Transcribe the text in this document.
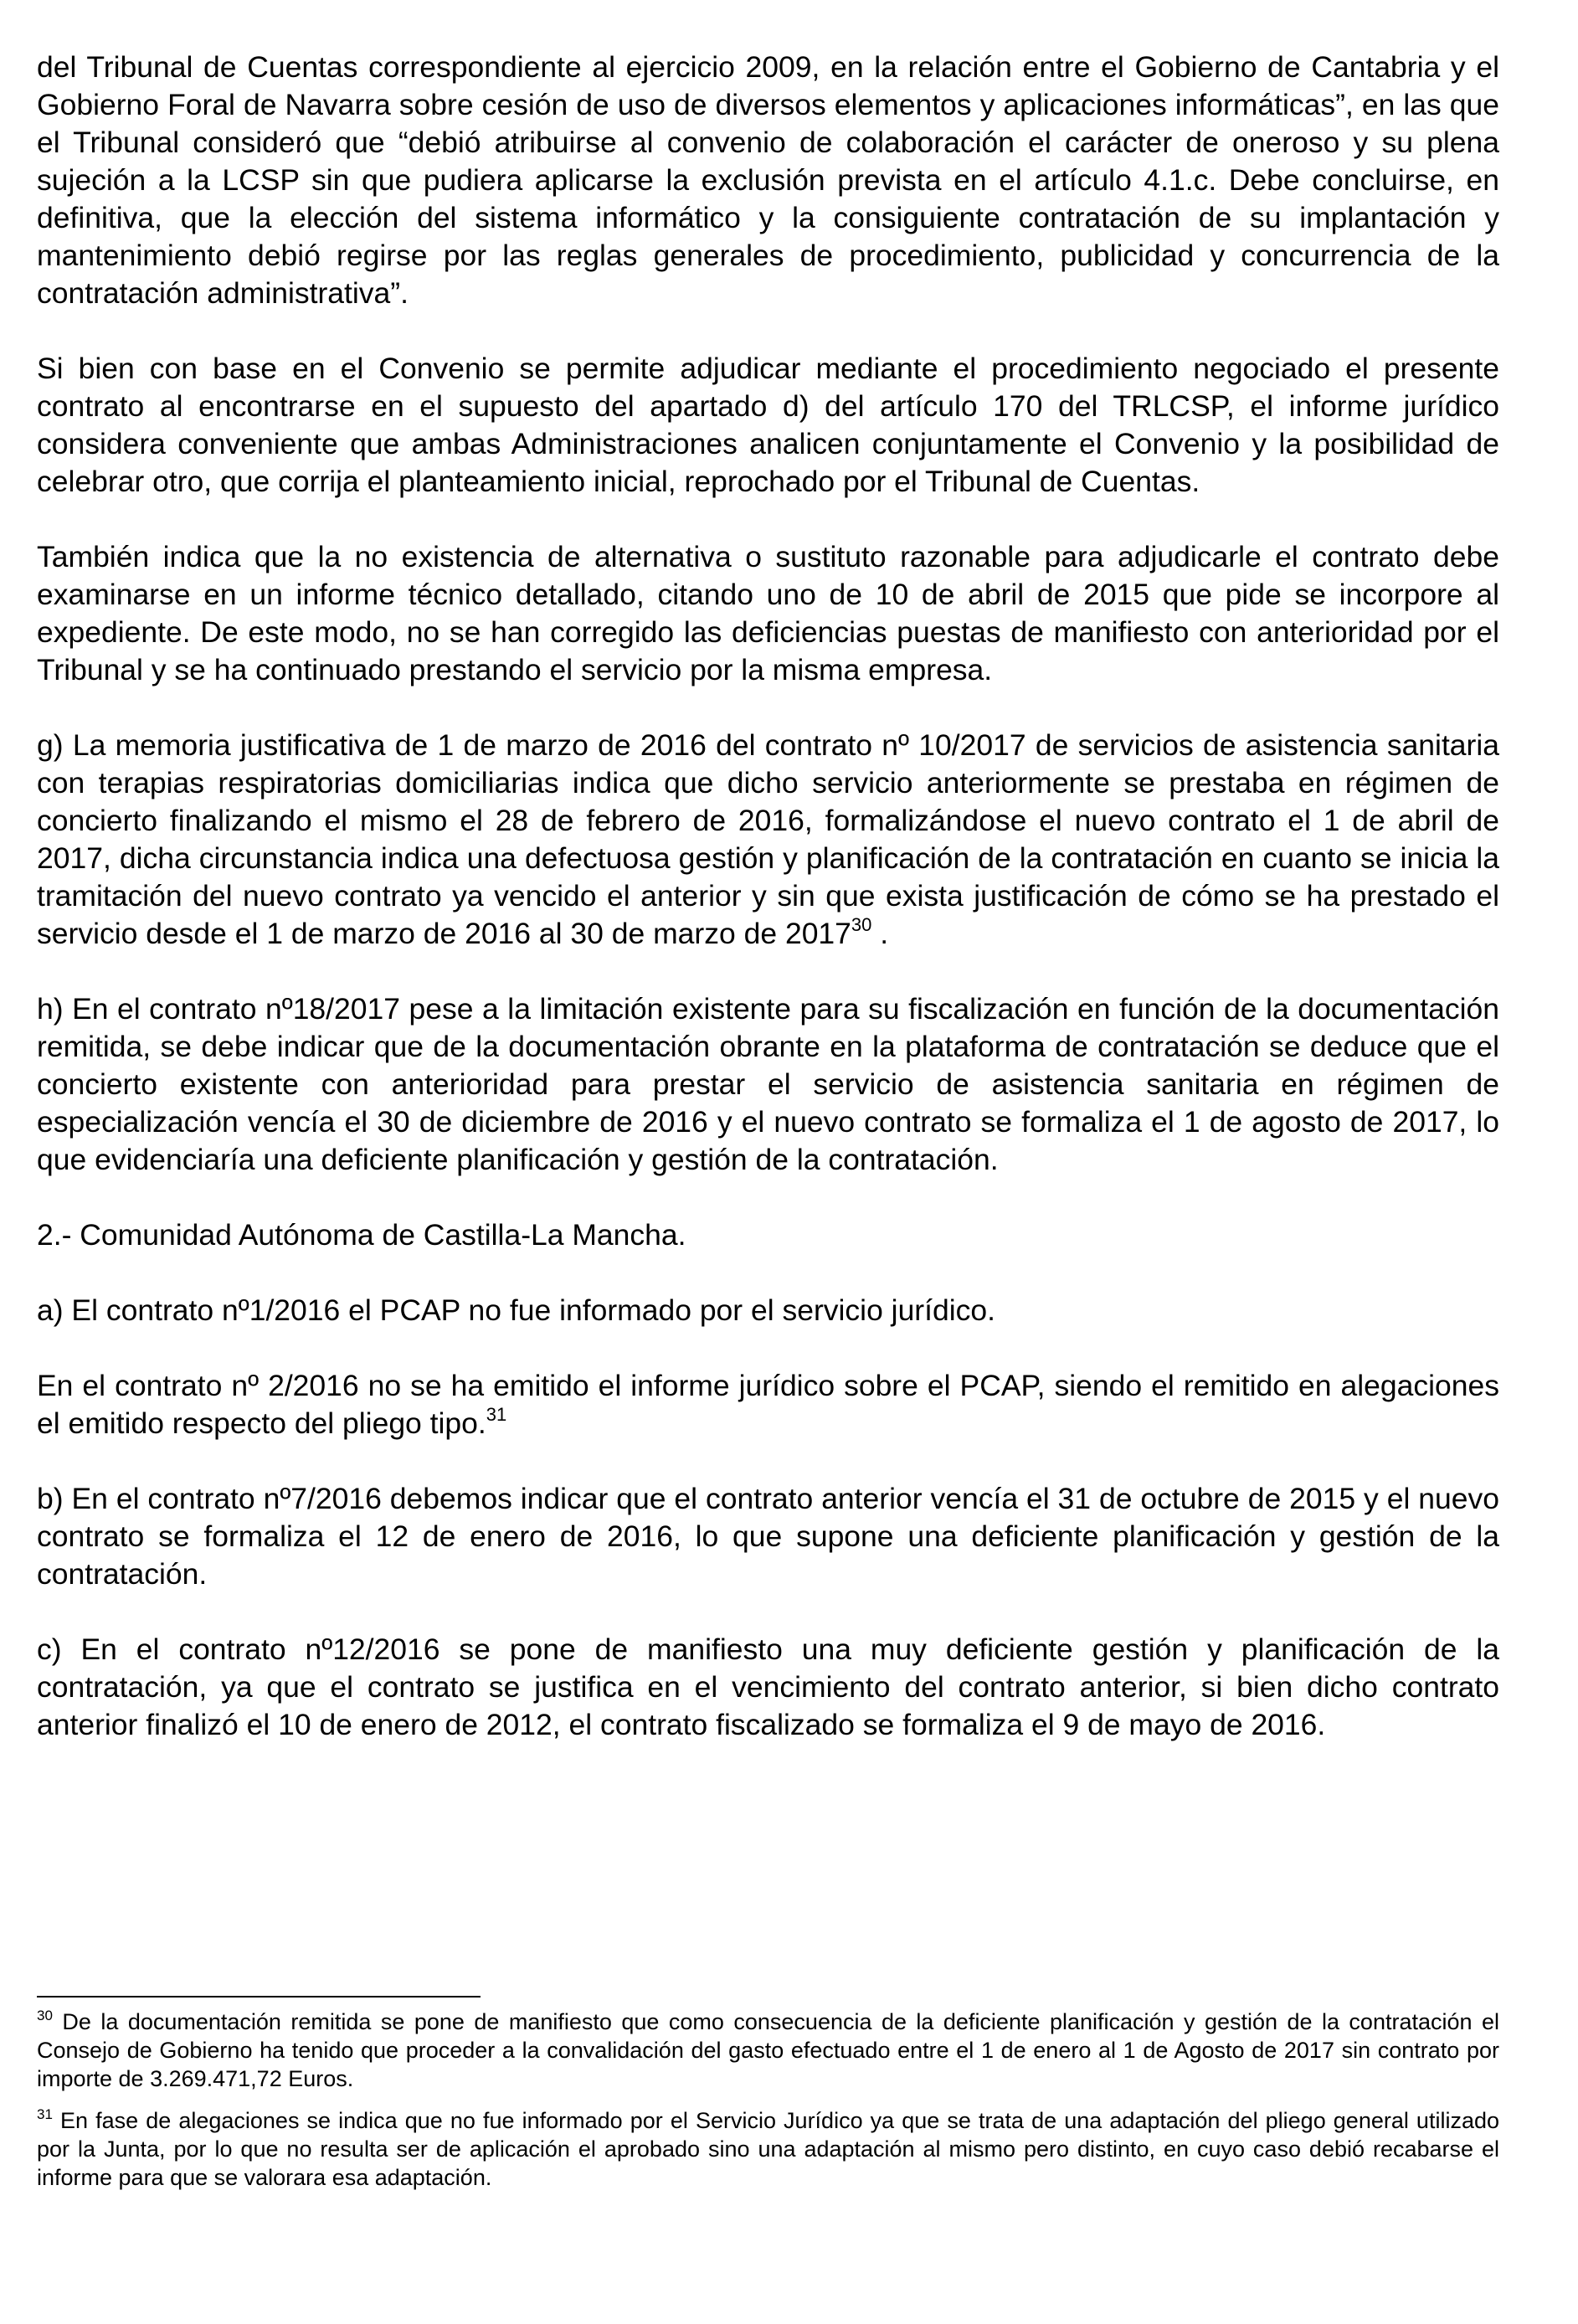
del Tribunal de Cuentas correspondiente al ejercicio 2009, en la relación entre el Gobierno de Cantabria y el Gobierno Foral de Navarra sobre cesión de uso de diversos elementos y aplicaciones informáticas”, en las que el Tribunal consideró que “debió atribuirse al convenio de colaboración el carácter de oneroso y su plena sujeción a la LCSP sin que pudiera aplicarse la exclusión prevista en el artículo 4.1.c. Debe concluirse, en definitiva, que la elección del sistema informático y la consiguiente contratación de su implantación y mantenimiento debió regirse por las reglas generales de procedimiento, publicidad y concurrencia de la contratación administrativa”.

Si bien con base en el Convenio se permite adjudicar mediante el procedimiento negociado el presente contrato al encontrarse en el supuesto del apartado d) del artículo 170 del TRLCSP, el informe jurídico considera conveniente que ambas Administraciones analicen conjuntamente el Convenio y la posibilidad de celebrar otro, que corrija el planteamiento inicial, reprochado por el Tribunal de Cuentas.

También indica que la no existencia de alternativa o sustituto razonable para adjudicarle el contrato debe examinarse en un informe técnico detallado, citando uno de 10 de abril de 2015 que pide se incorpore al expediente. De este modo, no se han corregido las deficiencias puestas de manifiesto con anterioridad por el Tribunal y se ha continuado prestando el servicio por la misma empresa.

g) La memoria justificativa de 1 de marzo de 2016 del contrato nº 10/2017 de servicios de asistencia sanitaria con terapias respiratorias domiciliarias indica que dicho servicio anteriormente se prestaba en régimen de concierto finalizando el mismo el 28 de febrero de 2016, formalizándose el nuevo contrato el 1 de abril de 2017, dicha circunstancia indica una defectuosa gestión y planificación de la contratación en cuanto se inicia la tramitación del nuevo contrato ya vencido el anterior y sin que exista justificación de cómo se ha prestado el servicio desde el 1 de marzo de 2016 al 30 de marzo de 2017$^{30}$ .

h) En el contrato nº18/2017 pese a la limitación existente para su fiscalización en función de la documentación remitida, se debe indicar que de la documentación obrante en la plataforma de contratación se deduce que el concierto existente con anterioridad para prestar el servicio de asistencia sanitaria en régimen de especialización vencía el 30 de diciembre de 2016 y el nuevo contrato se formaliza el 1 de agosto de 2017, lo que evidenciaría una deficiente planificación y gestión de la contratación.

2.- Comunidad Autónoma de Castilla-La Mancha.

a) El contrato nº1/2016 el PCAP no fue informado por el servicio jurídico.

En el contrato nº 2/2016 no se ha emitido el informe jurídico sobre el PCAP, siendo el remitido en alegaciones el emitido respecto del pliego tipo.$^{31}$

b) En el contrato nº7/2016 debemos indicar que el contrato anterior vencía el 31 de octubre de 2015 y el nuevo contrato se formaliza el 12 de enero de 2016, lo que supone una deficiente planificación y gestión de la contratación.

c) En el contrato nº12/2016 se pone de manifiesto una muy deficiente gestión y planificación de la contratación, ya que el contrato se justifica en el vencimiento del contrato anterior, si bien dicho contrato anterior finalizó el 10 de enero de 2012, el contrato fiscalizado se formaliza el 9 de mayo de 2016.

$^{30}$ De la documentación remitida se pone de manifiesto que como consecuencia de la deficiente planificación y gestión de la contratación el Consejo de Gobierno ha tenido que proceder a la convalidación del gasto efectuado entre el 1 de enero al 1 de Agosto de 2017 sin contrato por importe de 3.269.471,72 Euros.

$^{31}$ En fase de alegaciones se indica que no fue informado por el Servicio Jurídico ya que se trata de una adaptación del pliego general utilizado por la Junta, por lo que no resulta ser de aplicación el aprobado sino una adaptación al mismo pero distinto, en cuyo caso debió recabarse el informe para que se valorara esa adaptación.
